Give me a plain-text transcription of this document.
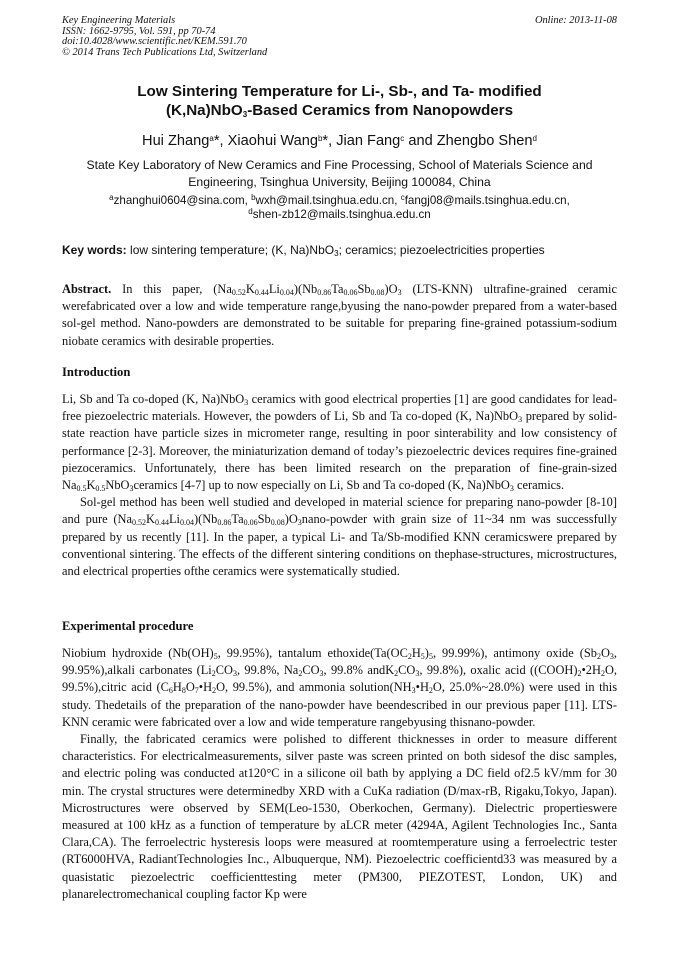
Key Engineering Materials
ISSN: 1662-9795, Vol. 591, pp 70-74
doi:10.4028/www.scientific.net/KEM.591.70
© 2014 Trans Tech Publications Ltd, Switzerland
Online: 2013-11-08
Low Sintering Temperature for Li-, Sb-, and Ta- modified
(K,Na)NbO$_3$-Based Ceramics from Nanopowders
Hui Zhang$^a$*, Xiaohui Wang$^b$*, Jian Fang$^c$ and Zhengbo Shen$^d$
State Key Laboratory of New Ceramics and Fine Processing, School of Materials Science and Engineering, Tsinghua University, Beijing 100084, China
$^a$zhanghui0604@sina.com, $^b$wxh@mail.tsinghua.edu.cn, $^c$fangj08@mails.tsinghua.edu.cn,
$^d$shen-zb12@mails.tsinghua.edu.cn
Key words: low sintering temperature; (K, Na)NbO$_3$; ceramics; piezoelectricities properties

Abstract. In this paper, $(Na_{0.52}K_{0.44}Li_{0.04})(Nb_{0.86}Ta_{0.06}Sb_{0.08})O_3$ (LTS-KNN) ultrafine-grained ceramic werefabricated over a low and wide temperature range,byusing the nano-powder prepared from a water-based sol-gel method. Nano-powders are demonstrated to be suitable for preparing fine-grained potassium-sodium niobate ceramics with desirable properties.

Introduction

Li, Sb and Ta co-doped (K, Na)NbO$_3$ ceramics with good electrical properties [1] are good candidates for lead-free piezoelectric materials. However, the powders of Li, Sb and Ta co-doped (K, Na)NbO$_3$ prepared by solid-state reaction have particle sizes in micrometer range, resulting in poor sinterability and low consistency of performance [2-3]. Moreover, the miniaturization demand of today’s piezoelectric devices requires fine-grained piezoceramics. Unfortunately, there has been limited research on the preparation of fine-grain-sized $Na_{0.5}K_{0.5}NbO_3ceramics$ [4-7] up to now especially on Li, Sb and Ta co-doped (K, Na)NbO$_3$ ceramics.

Sol-gel method has been well studied and developed in material science for preparing nano-powder [8-10] and pure $(Na_{0.52}K_{0.44}Li_{0.04})(Nb_{0.86}Ta_{0.06}Sb_{0.08})O_3nano$-powder with grain size of 11~34 nm was successfully prepared by us recently [11]. In the paper, a typical Li- and Ta/Sb-modified KNN ceramicswere prepared by conventional sintering. The effects of the different sintering conditions on thephase-structures, microstructures, and electrical properties ofthe ceramics were systematically studied.

Experimental procedure

Niobium hydroxide ($Nb(OH)_5$, 99.95%), tantalum $ethoxide(Ta(OC_2H_5)_5$, 99.99%), antimony oxide ($Sb_2O_3$, 99.95%),alkali carbonates ($Li_2CO_3$, 99.8%, $Na_2CO_3$, 99.8% $andK_2CO_3$, 99.8%), oxalic acid ($(COOH)_2•2H_2O$, 99.5%),citric acid ($C_6H_8O_7•H_2O$, 99.5%), and ammonia $solution(NH_3•H_2O$, 25.0%~28.0%) were used in this study. Thedetails of the preparation of the nano-powder have beendescribed in our previous paper [11]. LTS-KNN ceramic were fabricated over a low and wide temperature rangebyusing thisnano-powder.

Finally, the fabricated ceramics were polished to different thicknesses in order to measure different characteristics. For electricalmeasurements, silver paste was screen printed on both sidesof the disc samples, and electric poling was conducted at120°C in a silicone oil bath by applying a DC field of2.5 kV/mm for 30 min. The crystal structures were determinedby XRD with a CuKa radiation (D/max-rB, Rigaku,Tokyo, Japan). Microstructures were observed by SEM(Leo-1530, Oberkochen, Germany). Dielectric propertieswere measured at 100 kHz as a function of temperature by aLCR meter (4294A, Agilent Technologies Inc., Santa Clara,CA). The ferroelectric hysteresis loops were measured at roomtemperature using a ferroelectric tester (RT6000HVA, RadiantTechnologies Inc., Albuquerque, NM). Piezoelectric coefficientd33 was measured by a quasistatic piezoelectric coefficienttesting meter (PM300, PIEZOTEST, London, UK) and planarelectromechanical coupling factor Kp were
